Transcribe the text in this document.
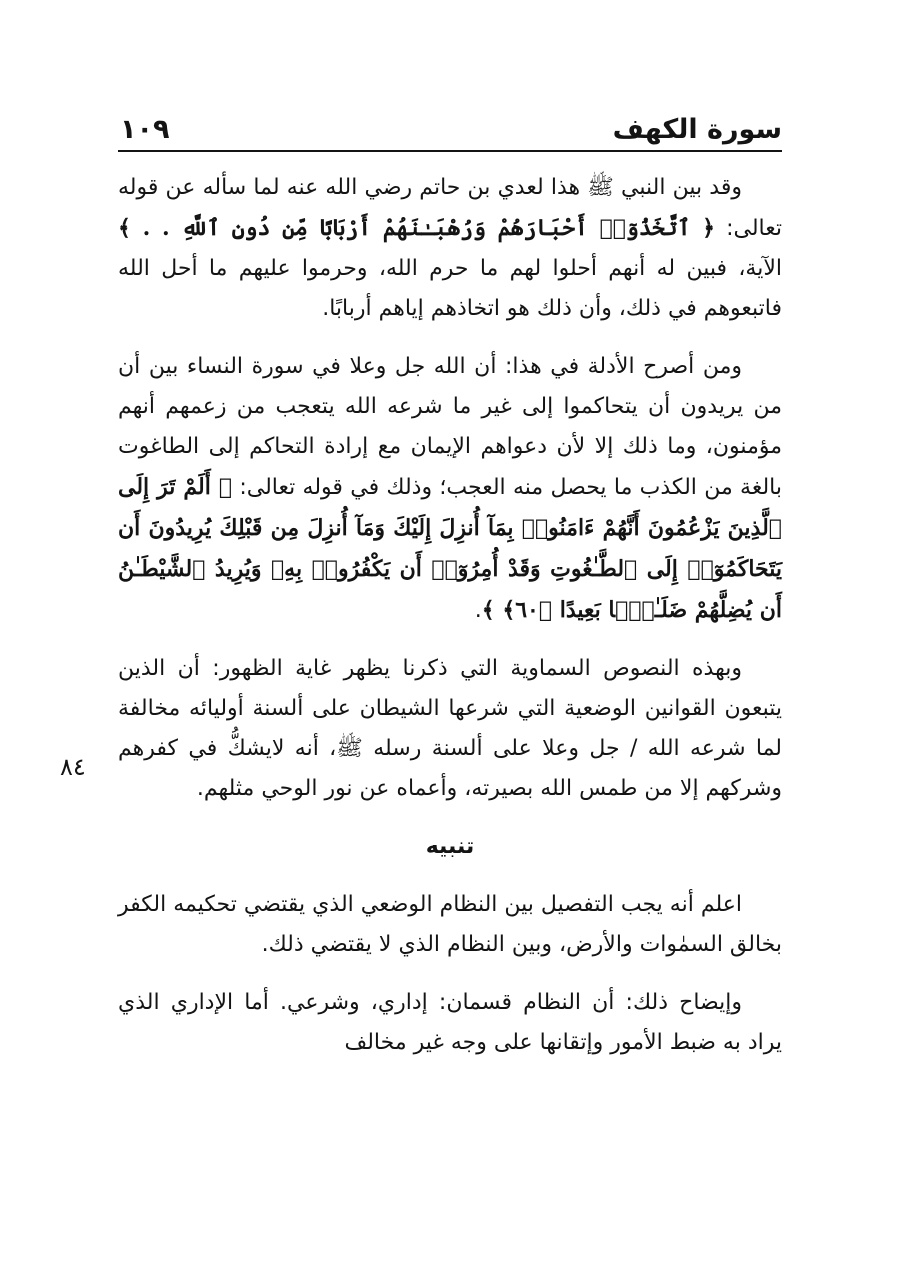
سورة الكهف
١٠٩
٨٤

وقد بين النبي ﷺ هذا لعدي بن حاتم رضي الله عنه لما سأله عن قوله تعالى: ﴿ ٱتَّخَذُوٓا۟ أَحْبَارَهُمْ وَرُهْبَـٰنَهُمْ أَرْبَابًا مِّن دُونِ ٱللَّهِ . . ﴾ الآية، فبين له أنهم أحلوا لهم ما حرم الله، وحرموا عليهم ما أحل الله فاتبعوهم في ذلك، وأن ذلك هو اتخاذهم إياهم أربابًا.

ومن أصرح الأدلة في هذا: أن الله جل وعلا في سورة النساء بين أن من يريدون أن يتحاكموا إلى غير ما شرعه الله يتعجب من زعمهم أنهم مؤمنون، وما ذلك إلا لأن دعواهم الإيمان مع إرادة التحاكم إلى الطاغوت بالغة من الكذب ما يحصل منه العجب؛ وذلك في قوله تعالى: ﴿ أَلَمْ تَرَ إِلَى ٱلَّذِينَ يَزْعُمُونَ أَنَّهُمْ ءَامَنُوا۟ بِمَآ أُنزِلَ إِلَيْكَ وَمَآ أُنزِلَ مِن قَبْلِكَ يُرِيدُونَ أَن يَتَحَاكَمُوٓا۟ إِلَى ٱلطَّـٰغُوتِ وَقَدْ أُمِرُوٓا۟ أَن يَكْفُرُوا۟ بِهِۦ وَيُرِيدُ ٱلشَّيْطَـٰنُ أَن يُضِلَّهُمْ ضَلَـٰلًۢا بَعِيدًا ﴿٦٠﴾ ﴾.

وبهذه النصوص السماوية التي ذكرنا يظهر غاية الظهور: أن الذين يتبعون القوانين الوضعية التي شرعها الشيطان على ألسنة أوليائه مخالفة لما شرعه الله / جل وعلا على ألسنة رسله ﷺ، أنه لايشكُّ في كفرهم وشركهم إلا من طمس الله بصيرته، وأعماه عن نور الوحي مثلهم.

تنبيه

اعلم أنه يجب التفصيل بين النظام الوضعي الذي يقتضي تحكيمه الكفر بخالق السمٰوات والأرض، وبين النظام الذي لا يقتضي ذلك.

وإيضاح ذلك: أن النظام قسمان: إداري، وشرعي. أما الإداري الذي يراد به ضبط الأمور وإتقانها على وجه غير مخالف
